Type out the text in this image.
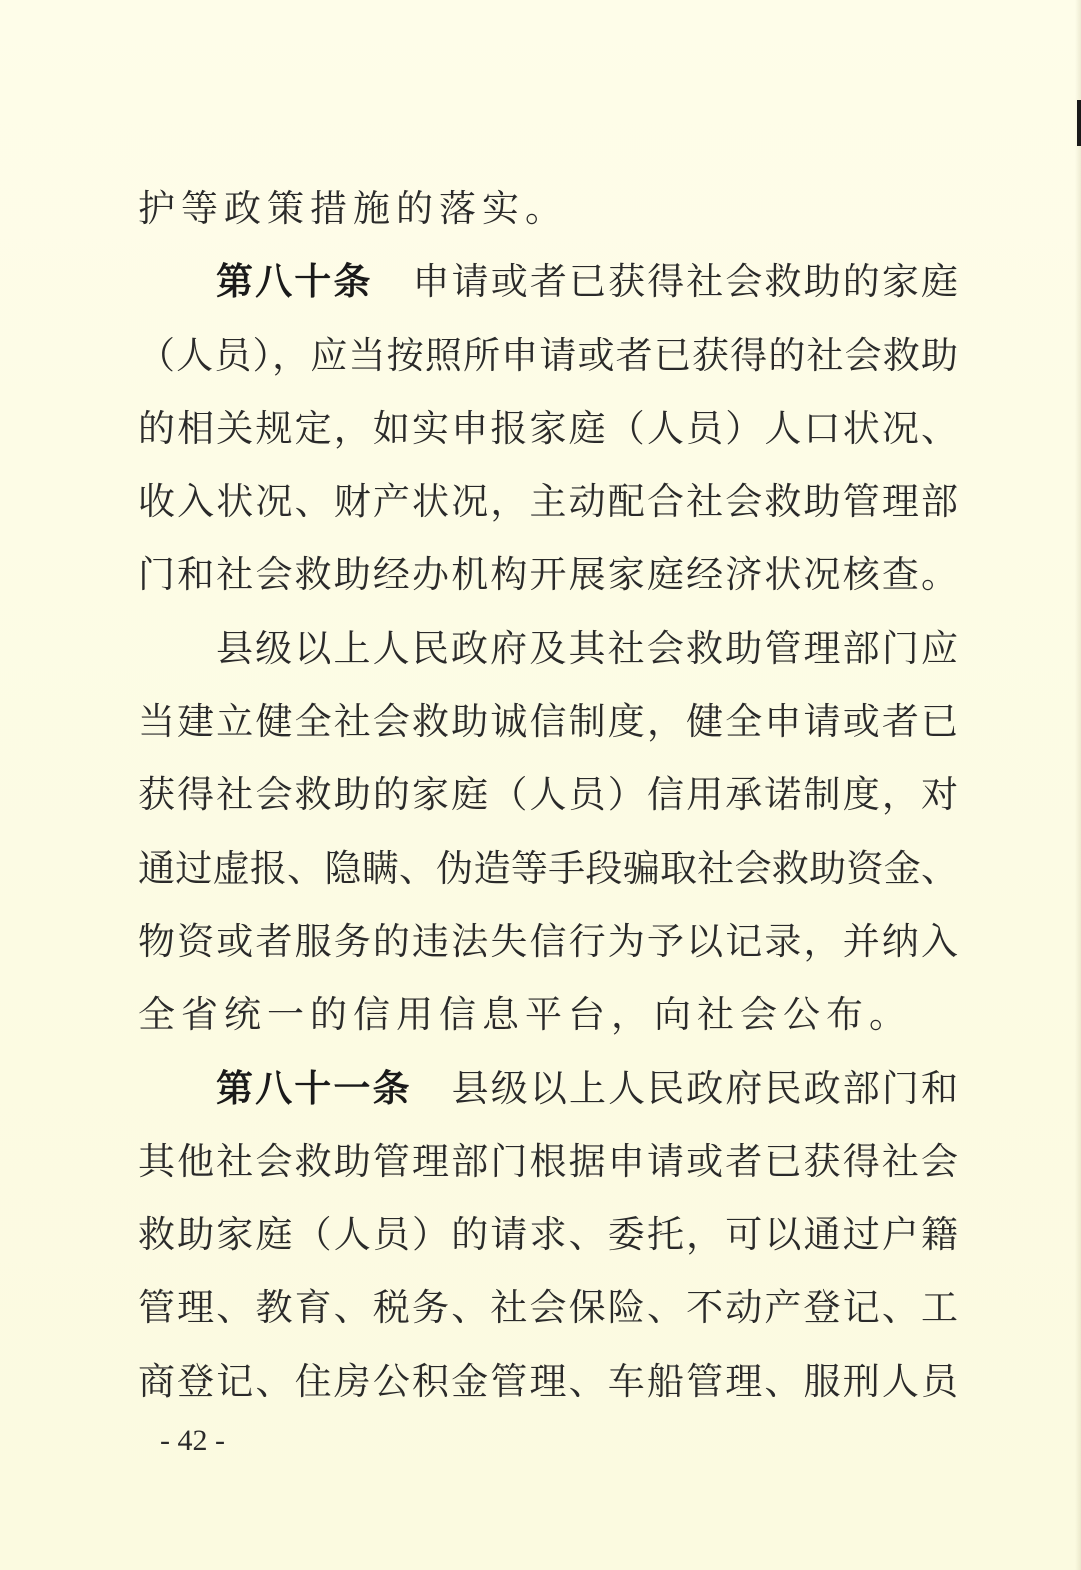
护等政策措施的落实。
第八十条 申请或者已获得社会救助的家庭
（人员），应当按照所申请或者已获得的社会救助
的相关规定，如实申报家庭（人员）人口状况、
收入状况、财产状况，主动配合社会救助管理部
门和社会救助经办机构开展家庭经济状况核查。
县级以上人民政府及其社会救助管理部门应
当建立健全社会救助诚信制度，健全申请或者已
获得社会救助的家庭（人员）信用承诺制度，对
通过虚报、隐瞒、伪造等手段骗取社会救助资金、
物资或者服务的违法失信行为予以记录，并纳入
全省统一的信用信息平台，向社会公布。
第八十一条 县级以上人民政府民政部门和
其他社会救助管理部门根据申请或者已获得社会
救助家庭（人员）的请求、委托，可以通过户籍
管理、教育、税务、社会保险、不动产登记、工
商登记、住房公积金管理、车船管理、服刑人员
- 42 -
